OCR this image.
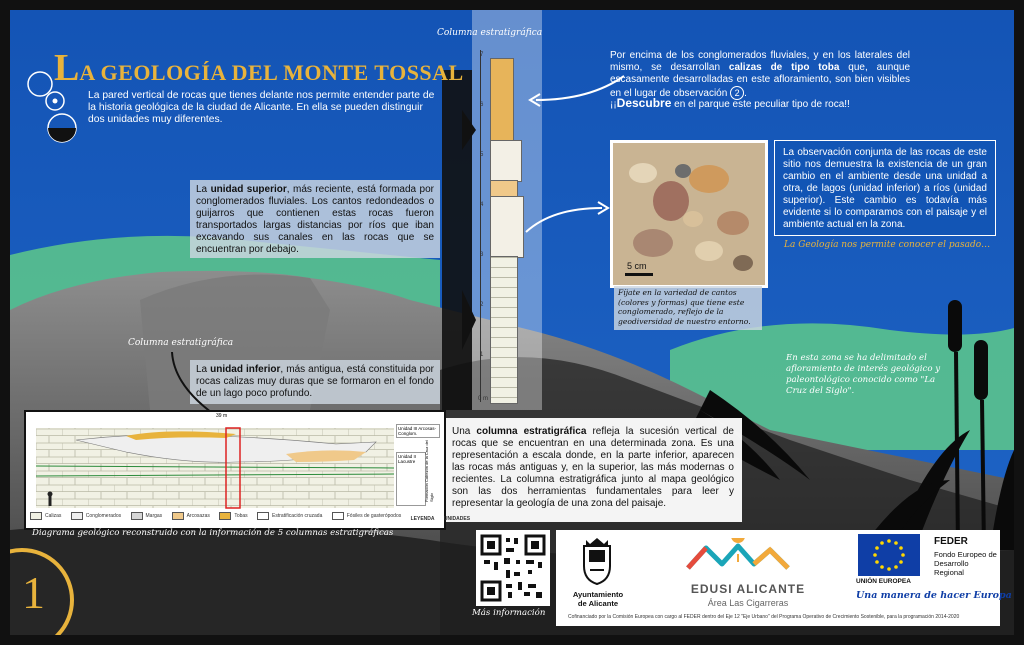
LA GEOLOGÍA DEL MONTE TOSSAL

La pared vertical de rocas que tienes delante nos permite entender parte de la historia geológica de la ciudad de Alicante. En ella se pueden distinguir dos unidades muy diferentes.

La unidad superior, más reciente, está formada por conglomerados fluviales. Los cantos redondeados o guijarros que contienen estas rocas fueron transportados largas distancias por ríos que iban excavando sus canales en las rocas que se encuentran por debajo.
La unidad inferior, más antigua, está constituida por rocas calizas muy duras que se formaron en el fondo de un lago poco profundo.
Columna estratigráfica
Columna estratigráfica
7
6
5
4
3
2
1
0 m
Por encima de los conglomerados fluviales, y en los laterales del mismo, se desarrollan calizas de tipo toba que, aunque escasamente desarrolladas en este afloramiento, son bien visibles en el lugar de observación 2 .
¡¡Descubre en el parque este peculiar tipo de roca!!
5 cm
Fíjate en la variedad de cantos (colores y formas) que tiene este conglomerado, reflejo de la geodiversidad de nuestro entorno.
La observación conjunta de las rocas de este sitio nos demuestra la existencia de un gran cambio en el ambiente desde una unidad a otra, de lagos (unidad inferior) a ríos (unidad superior). Este cambio es todavía más evidente si lo comparamos con el paisaje y el ambiente actual en la zona.
La Geología nos permite conocer el pasado…
En esta zona se ha delimitado el afloramiento de interés geológico y paleontológico conocido como "La Cruz del Siglo".
Una columna estratigráfica refleja la sucesión vertical de rocas que se encuentran en una determinada zona. Es una representación a escala donde, en la parte inferior, aparecen las rocas más antiguas y, en la superior, las más modernas o recientes. La columna estratigráfica junto al mapa geológico son las dos herramientas fundamentales para leer y representar la geología de una zona del paisaje.
39 m
Unidad III Arcosas-Conglom.
Unidad II Lacustre	Formación Cabezón de la Cruz del Siglo
Calizas
	Conglomerados
	Margas
	Arcosazas
	Tobas
	Estratificación cruzada
	Fósiles de gasterópodos LEYENDA UNIDADES
Diagrama geológico reconstruido con la información de 5 columnas estratigráficas
1	Más información
Ayuntamiento
de Alicante
EDUSI ALICANTE
Área Las Cigarreras
UNIÓN EUROPEA
FEDER
Fondo Europeo de
Desarrollo Regional
Una manera de hacer Europa
Cofinanciado por la Comisión Europea con cargo al FEDER dentro del Eje 12 "Eje Urbano" del Programa Operativo de Crecimiento Sostenible, para la programación 2014-2020
